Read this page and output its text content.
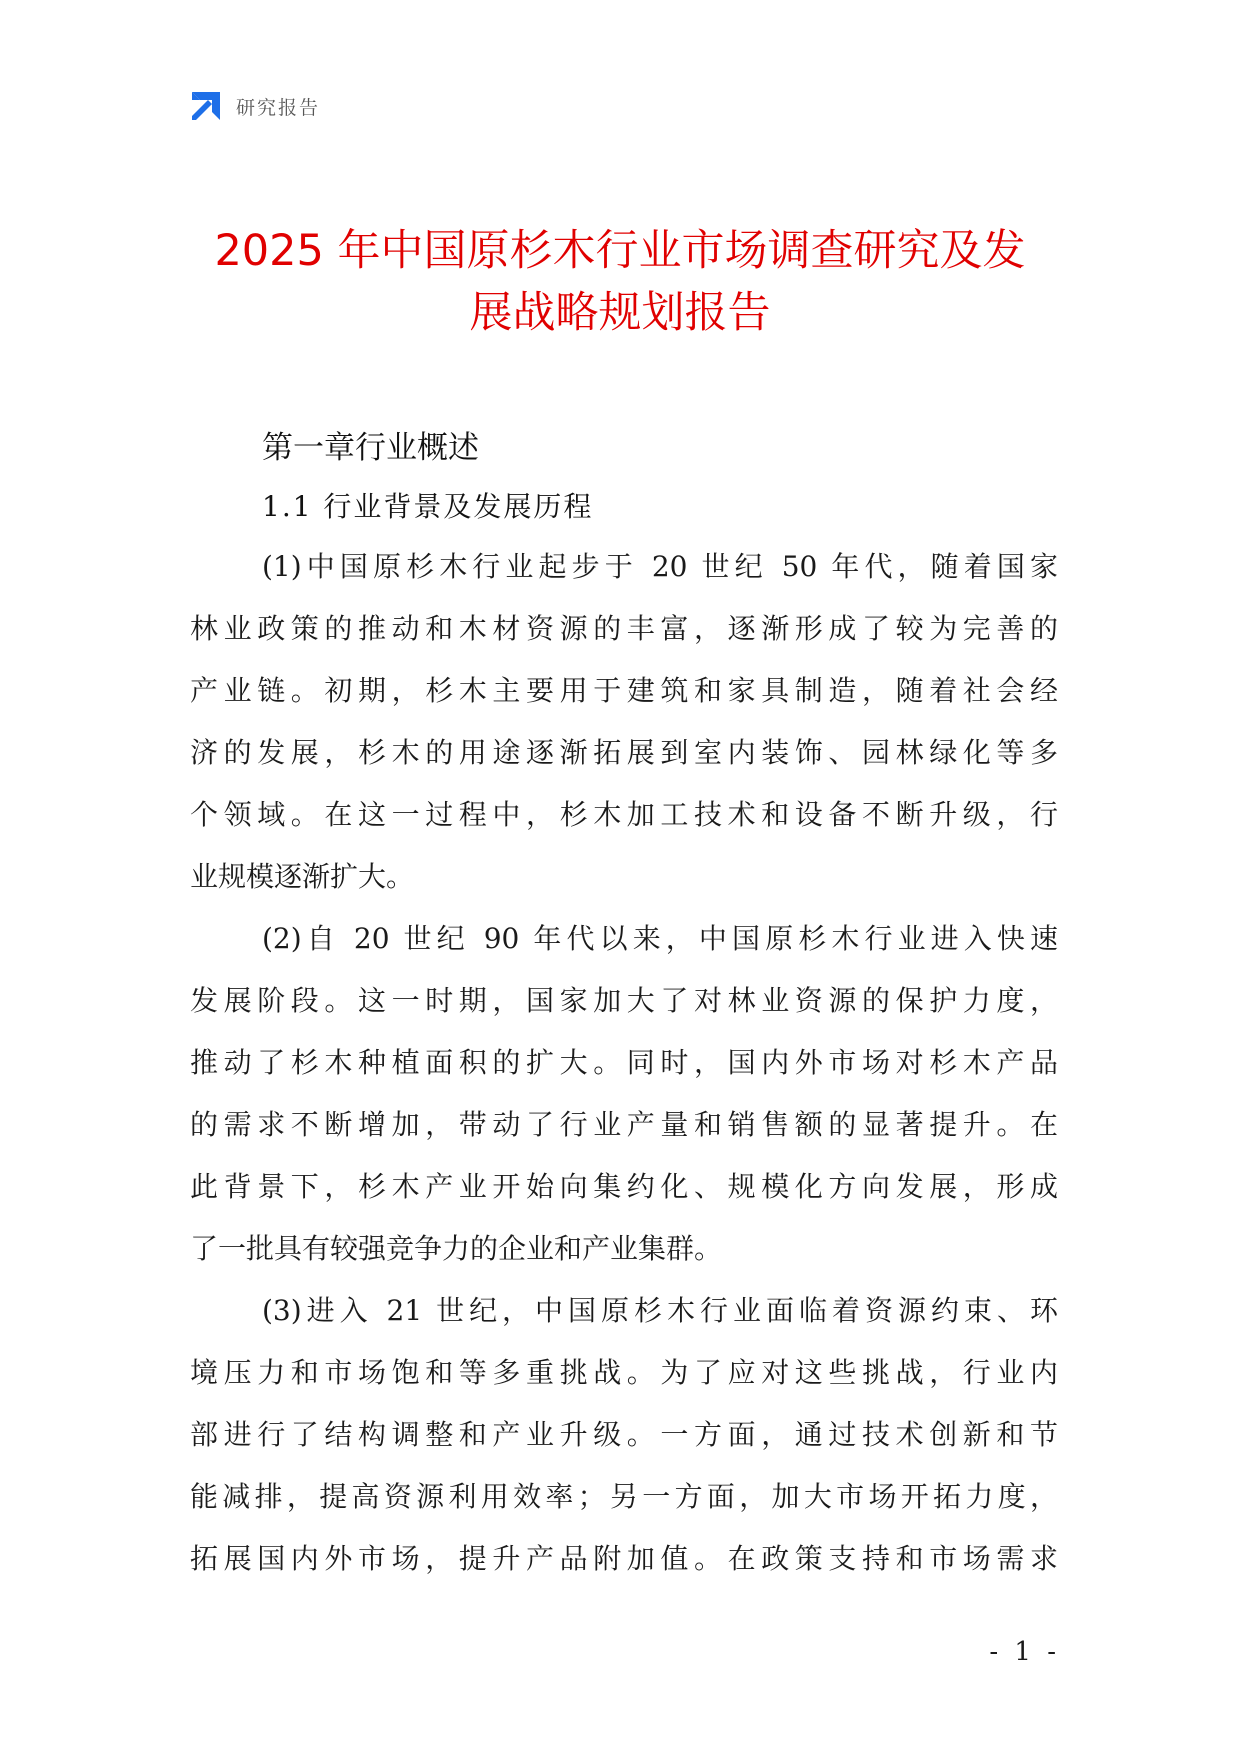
研究报告
2025 年中国原杉木行业市场调查研究及发
展战略规划报告
第一章行业概述
1.1 行业背景及发展历程
(1)中国原杉木行业起步于 20 世纪 50 年代，随着国家
林业政策的推动和木材资源的丰富，逐渐形成了较为完善的
产业链。初期，杉木主要用于建筑和家具制造，随着社会经
济的发展，杉木的用途逐渐拓展到室内装饰、园林绿化等多
个领域。在这一过程中，杉木加工技术和设备不断升级，行
业规模逐渐扩大。
(2)自 20 世纪 90 年代以来，中国原杉木行业进入快速
发展阶段。这一时期，国家加大了对林业资源的保护力度，
推动了杉木种植面积的扩大。同时，国内外市场对杉木产品
的需求不断增加，带动了行业产量和销售额的显著提升。在
此背景下，杉木产业开始向集约化、规模化方向发展，形成
了一批具有较强竞争力的企业和产业集群。
(3)进入 21 世纪，中国原杉木行业面临着资源约束、环
境压力和市场饱和等多重挑战。为了应对这些挑战，行业内
部进行了结构调整和产业升级。一方面，通过技术创新和节
能减排，提高资源利用效率；另一方面，加大市场开拓力度，
拓展国内外市场，提升产品附加值。在政策支持和市场需求
- 1 -
